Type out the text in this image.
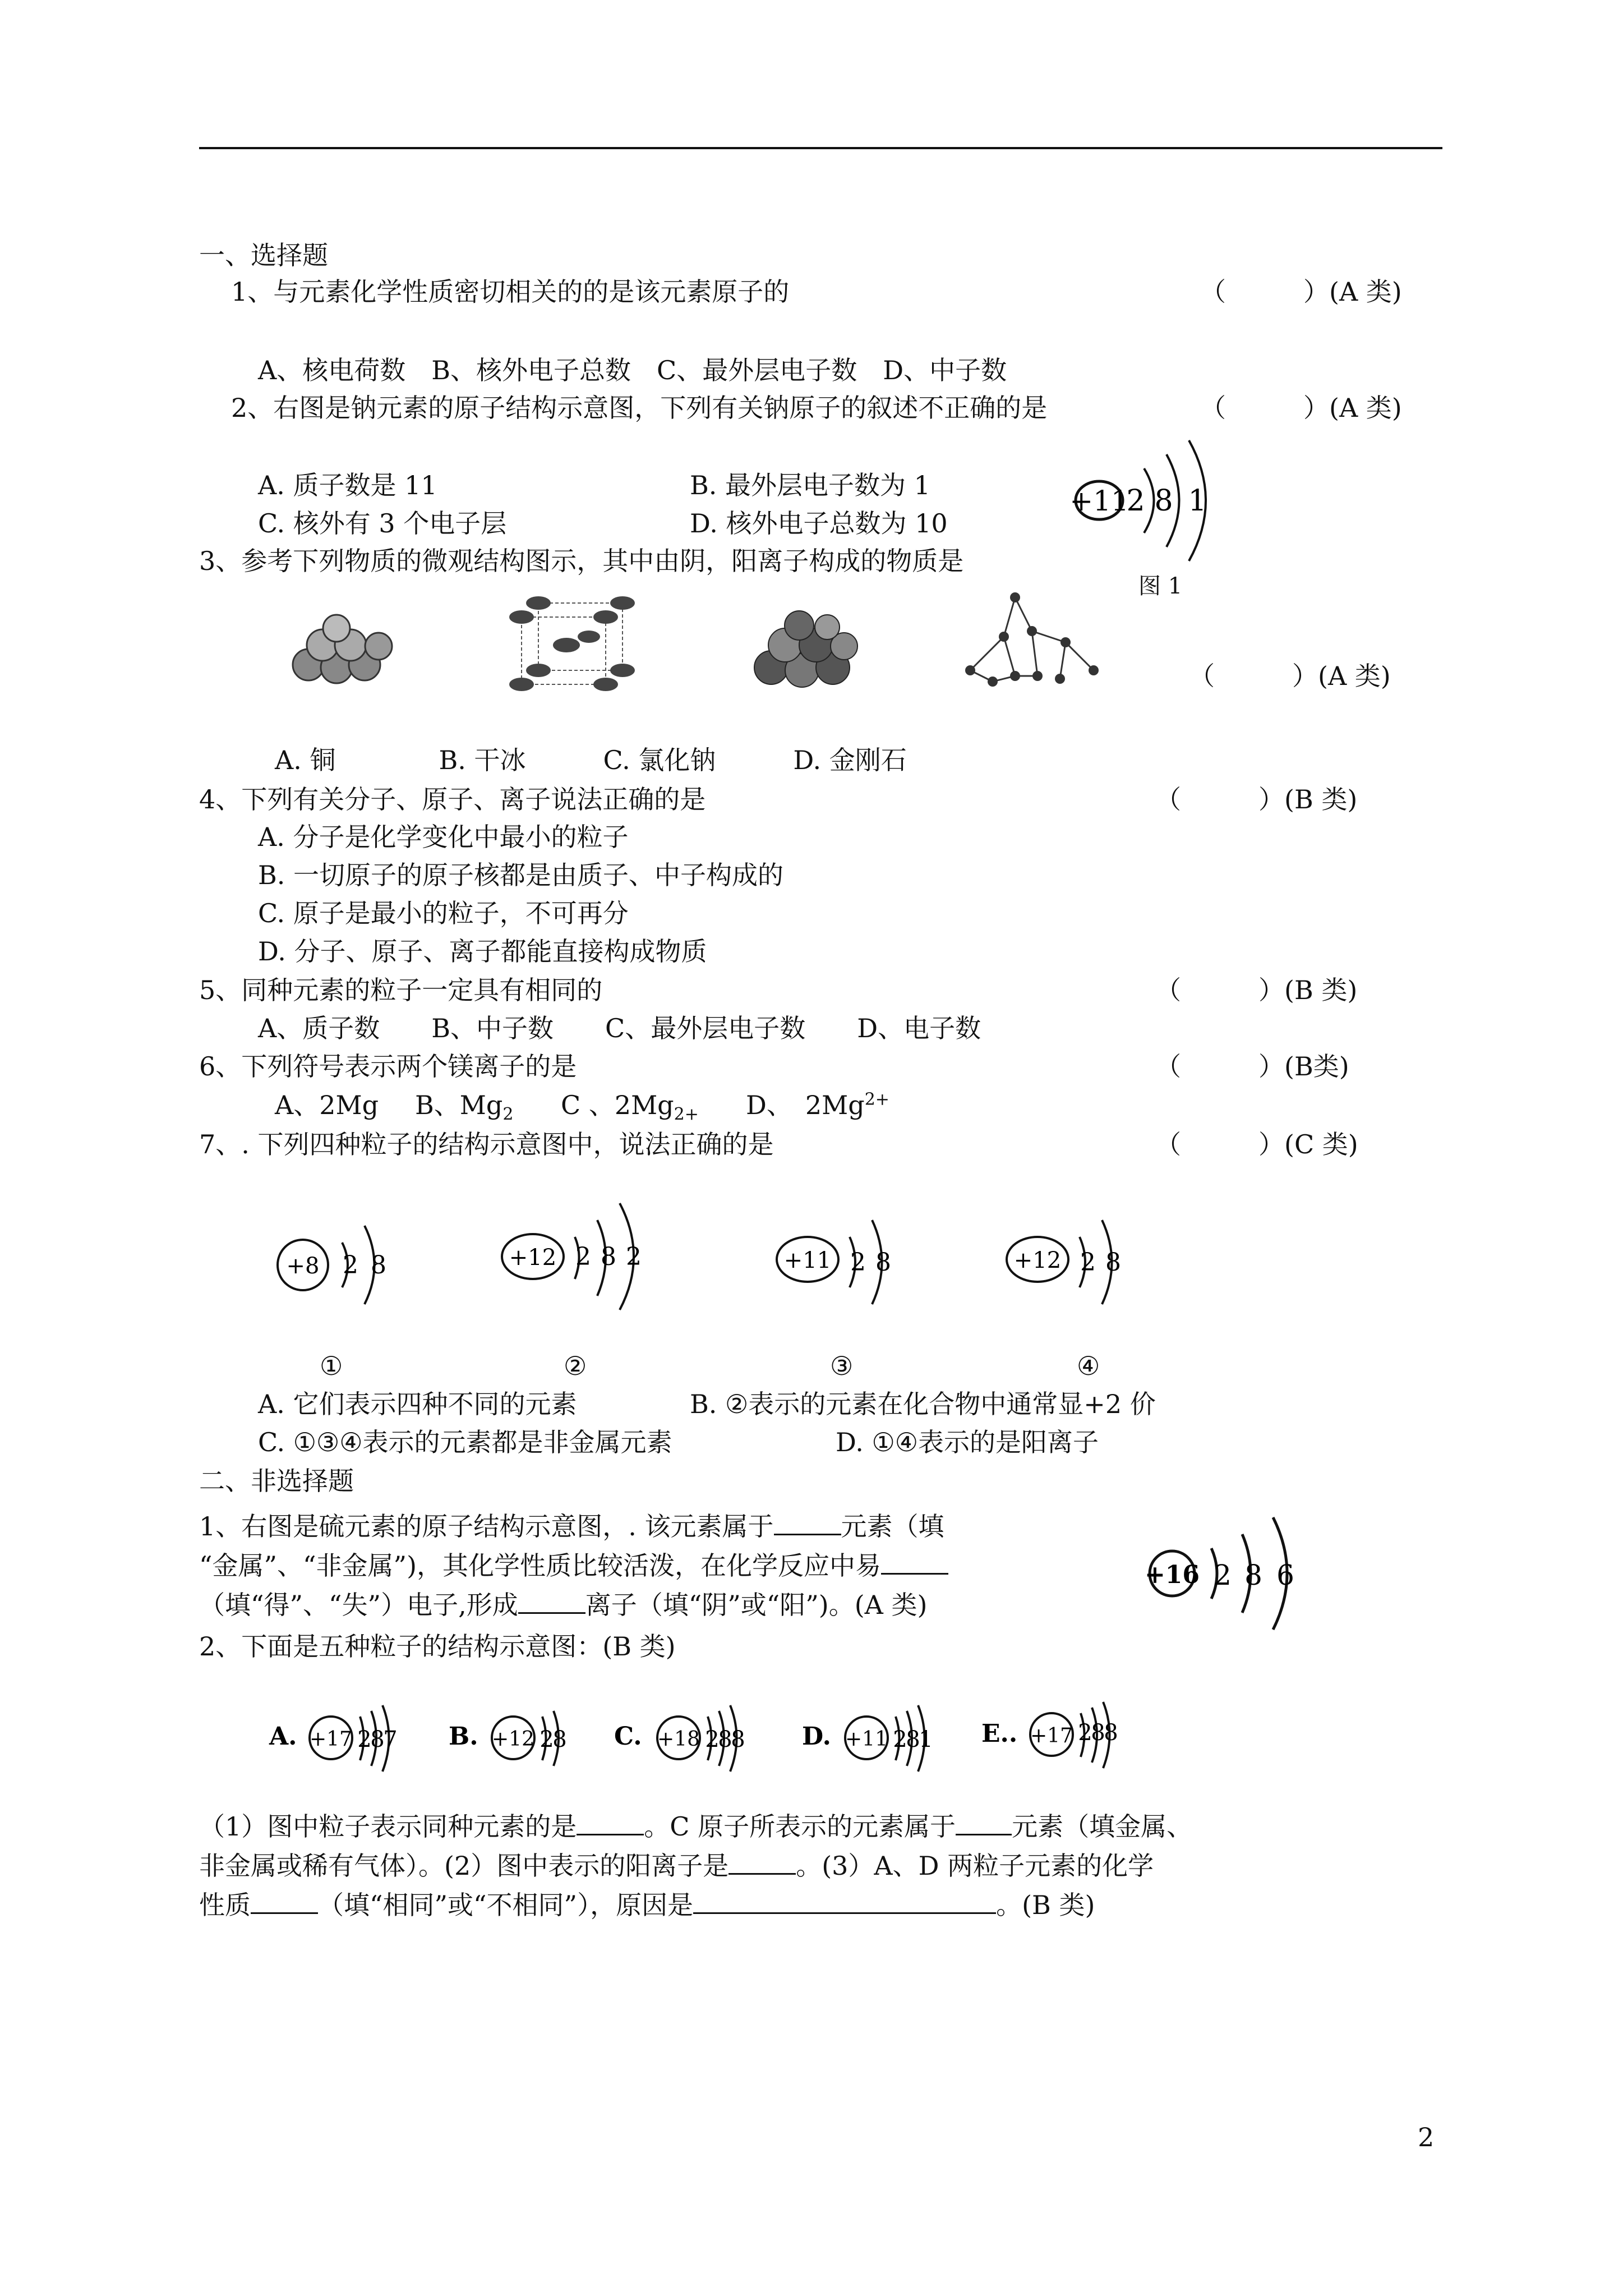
一、选择题
1、与元素化学性质密切相关的的是该元素原子的	（　　　）(A 类)
A、核电荷数　B、核外电子总数　C、最外层电子数　D、中子数
2、右图是钠元素的原子结构示意图，下列有关钠原子的叙述不正确的是	（　　　）(A 类)
A. 质子数是 11	B. 最外层电子数为 1
C. 核外有 3 个电子层	D. 核外电子总数为 10
+11
2 8 1
图 1
3、参考下列物质的微观结构图示，其中由阴，阳离子构成的物质是
（　　　）(A 类)
A. 铜　　　　B. 干冰　　　C. 氯化钠　　　D. 金刚石
4、下列有关分子、原子、离子说法正确的是	（　　　）(B 类)
A. 分子是化学变化中最小的粒子
B. 一切原子的原子核都是由质子、中子构成的
C. 原子是最小的粒子，不可再分
D. 分子、原子、离子都能直接构成物质
5、同种元素的粒子一定具有相同的	（　　　）(B 类)
A、质子数　　B、中子数　　C、最外层电子数　　D、电子数
6、下列符号表示两个镁离子的是	（　　　）(B类)
A、2Mg B、$Mg_2$ C 、$2Mg_{2+}$ D、　$2Mg^{2+}$
7、. 下列四种粒子的结构示意图中，说法正确的是	（　　　）(C 类)
+8 2 8	+12 2 8 2	+11 2 8	+12 2 8
①	②	③	④
A. 它们表示四种不同的元素	B. ②表示的元素在化合物中通常显+2 价
C. ①③④表示的元素都是非金属元素	D. ①④表示的是阳离子
二、非选择题
1、右图是硫元素的原子结构示意图，. 该元素属于	元素（填
“金属”、“非金属”)，其化学性质比较活泼，在化学反应中易
（填“得”、“失”）电子,形成	离子（填“阴”或“阳”)。(A 类)
+16 2 8 6
2、下面是五种粒子的结构示意图：(B 类)
A. +17 2
8
7 B. +12 2
8 C. +18 2
8
8 D. +11 2
8
1 E.. +17 2
8
8
（1）图中粒子表示同种元素的是	。C 原子所表示的元素属于 元素（填金属、
非金属或稀有气体）。(2）图中表示的阳离子是	。(3）A、D 两粒子元素的化学
性质	（填“相同”或“不相同”），原因是	。(B 类)
2
